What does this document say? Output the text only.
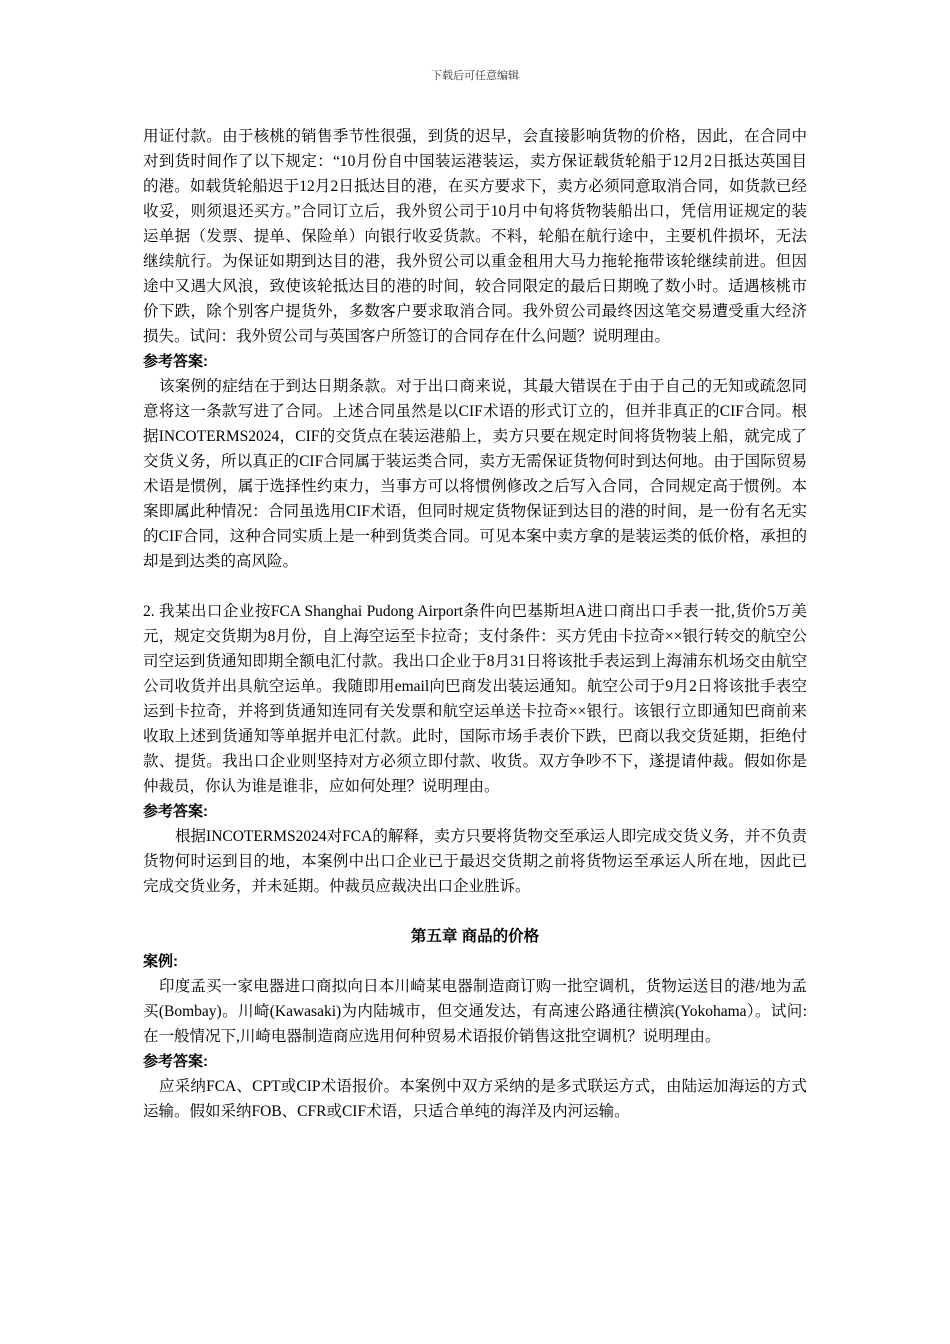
下载后可任意编辑

用证付款。由于核桃的销售季节性很强，到货的迟早，会直接影响货物的价格，因此，在合同中对到货时间作了以下规定：“10月份自中国装运港装运，卖方保证载货轮船于12月2日抵达英国目的港。如载货轮船迟于12月2日抵达目的港，在买方要求下，卖方必须同意取消合同，如货款已经收妥，则须退还买方。”合同订立后，我外贸公司于10月中旬将货物装船出口，凭信用证规定的装运单据（发票、提单、保险单）向银行收妥货款。不料，轮船在航行途中，主要机件损坏，无法继续航行。为保证如期到达目的港，我外贸公司以重金租用大马力拖轮拖带该轮继续前进。但因途中又遇大风浪，致使该轮抵达目的港的时间，较合同限定的最后日期晚了数小时。适遇核桃市价下跌，除个别客户提货外，多数客户要求取消合同。我外贸公司最终因这笔交易遭受重大经济损失。试问：我外贸公司与英国客户所签订的合同存在什么问题？说明理由。

参考答案:

该案例的症结在于到达日期条款。对于出口商来说，其最大错误在于由于自己的无知或疏忽同意将这一条款写进了合同。上述合同虽然是以CIF术语的形式订立的，但并非真正的CIF合同。根据INCOTERMS2024，CIF的交货点在装运港船上，卖方只要在规定时间将货物装上船，就完成了交货义务，所以真正的CIF合同属于装运类合同，卖方无需保证货物何时到达何地。由于国际贸易术语是惯例，属于选择性约束力，当事方可以将惯例修改之后写入合同，合同规定高于惯例。本案即属此种情况：合同虽选用CIF术语，但同时规定货物保证到达目的港的时间，是一份有名无实的CIF合同，这种合同实质上是一种到货类合同。可见本案中卖方拿的是装运类的低价格，承担的却是到达类的高风险。

2. 我某出口企业按FCA Shanghai Pudong Airport条件向巴基斯坦A进口商出口手表一批,货价5万美元，规定交货期为8月份，自上海空运至卡拉奇；支付条件：买方凭由卡拉奇××银行转交的航空公司空运到货通知即期全额电汇付款。我出口企业于8月31日将该批手表运到上海浦东机场交由航空公司收货并出具航空运单。我随即用email向巴商发出装运通知。航空公司于9月2日将该批手表空运到卡拉奇，并将到货通知连同有关发票和航空运单送卡拉奇××银行。该银行立即通知巴商前来收取上述到货通知等单据并电汇付款。此时，国际市场手表价下跌，巴商以我交货延期，拒绝付款、提货。我出口企业则坚持对方必须立即付款、收货。双方争吵不下，遂提请仲裁。假如你是仲裁员，你认为谁是谁非，应如何处理？说明理由。

参考答案:

根据INCOTERMS2024对FCA的解释，卖方只要将货物交至承运人即完成交货义务，并不负责货物何时运到目的地，本案例中出口企业已于最迟交货期之前将货物运至承运人所在地，因此已完成交货业务，并未延期。仲裁员应裁决出口企业胜诉。

第五章 商品的价格

案例:

印度孟买一家电器进口商拟向日本川崎某电器制造商订购一批空调机，货物运送目的港/地为孟买(Bombay)。川崎(Kawasaki)为内陆城市，但交通发达，有高速公路通往横滨(Yokohama）。试问:在一般情况下,川崎电器制造商应选用何种贸易术语报价销售这批空调机？说明理由。

参考答案:

应采纳FCA、CPT或CIP术语报价。本案例中双方采纳的是多式联运方式，由陆运加海运的方式运输。假如采纳FOB、CFR或CIF术语，只适合单纯的海洋及内河运输。
